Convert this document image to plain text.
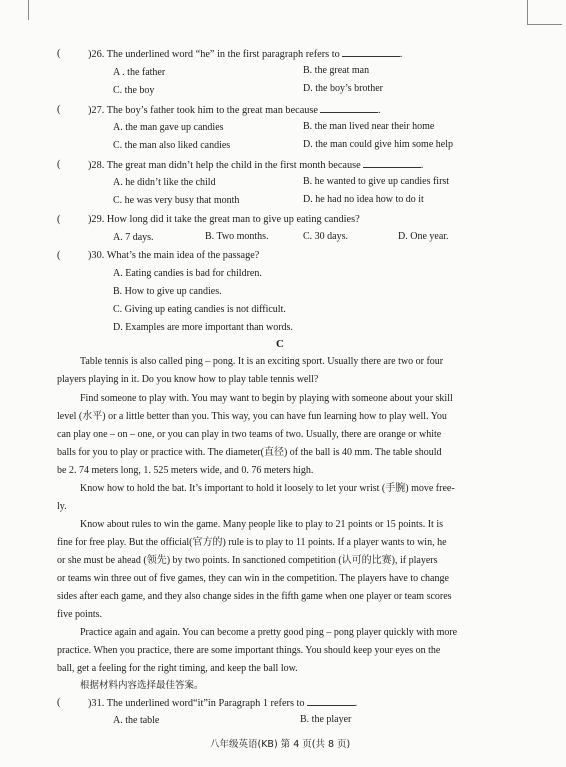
(	)26. The underlined word “he” in the first paragraph refers to	.
A . the father	B. the great man
C. the boy	D. the boy’s brother
(	)27. The boy’s father took him to the great man because	.
A. the man gave up candies	B. the man lived near their home
C. the man also liked candies	D. the man could give him some help
(	)28. The great man didn’t help the child in the first month because	.
A. he didn’t like the child	B. he wanted to give up candies first
C. he was very busy that month	D. he had no idea how to do it
(	)29. How long did it take the great man to give up eating candies?
A. 7 days.	B. Two months.	C. 30 days.	D. One year.
(	)30. What’s the main idea of the passage?
A. Eating candies is bad for children.
B. How to give up candies.
C. Giving up eating candies is not difficult.
D. Examples are more important than words.
C
Table tennis is also called ping – pong. It is an exciting sport. Usually there are two or four
players playing in it. Do you know how to play table tennis well?
Find someone to play with. You may want to begin by playing with someone about your skill
level (水平) or a little better than you. This way, you can have fun learning how to play well. You
can play one – on – one, or you can play in two teams of two. Usually, there are orange or white
balls for you to play or practice with. The diameter(直径) of the ball is 40 mm. The table should
be 2. 74 meters long, 1. 525 meters wide, and 0. 76 meters high.
Know how to hold the bat. It’s important to hold it loosely to let your wrist (手腕) move free-
ly.
Know about rules to win the game. Many people like to play to 21 points or 15 points. It is
fine for free play. But the official(官方的) rule is to play to 11 points. If a player wants to win, he
or she must be ahead (领先) by two points. In sanctioned competition (认可的比赛), if players
or teams win three out of five games, they can win in the competition. The players have to change
sides after each game, and they also change sides in the fifth game when one player or team scores
five points.
Practice again and again. You can become a pretty good ping – pong player quickly with more
practice. When you practice, there are some important things. You should keep your eyes on the
ball, get a feeling for the right timing, and keep the ball low.
根据材料内容选择最佳答案。
(	)31. The underlined word“it”in Paragraph 1 refers to	.
A. the table	B. the player
八年级英语(KB) 第 4 页(共 8 页)
